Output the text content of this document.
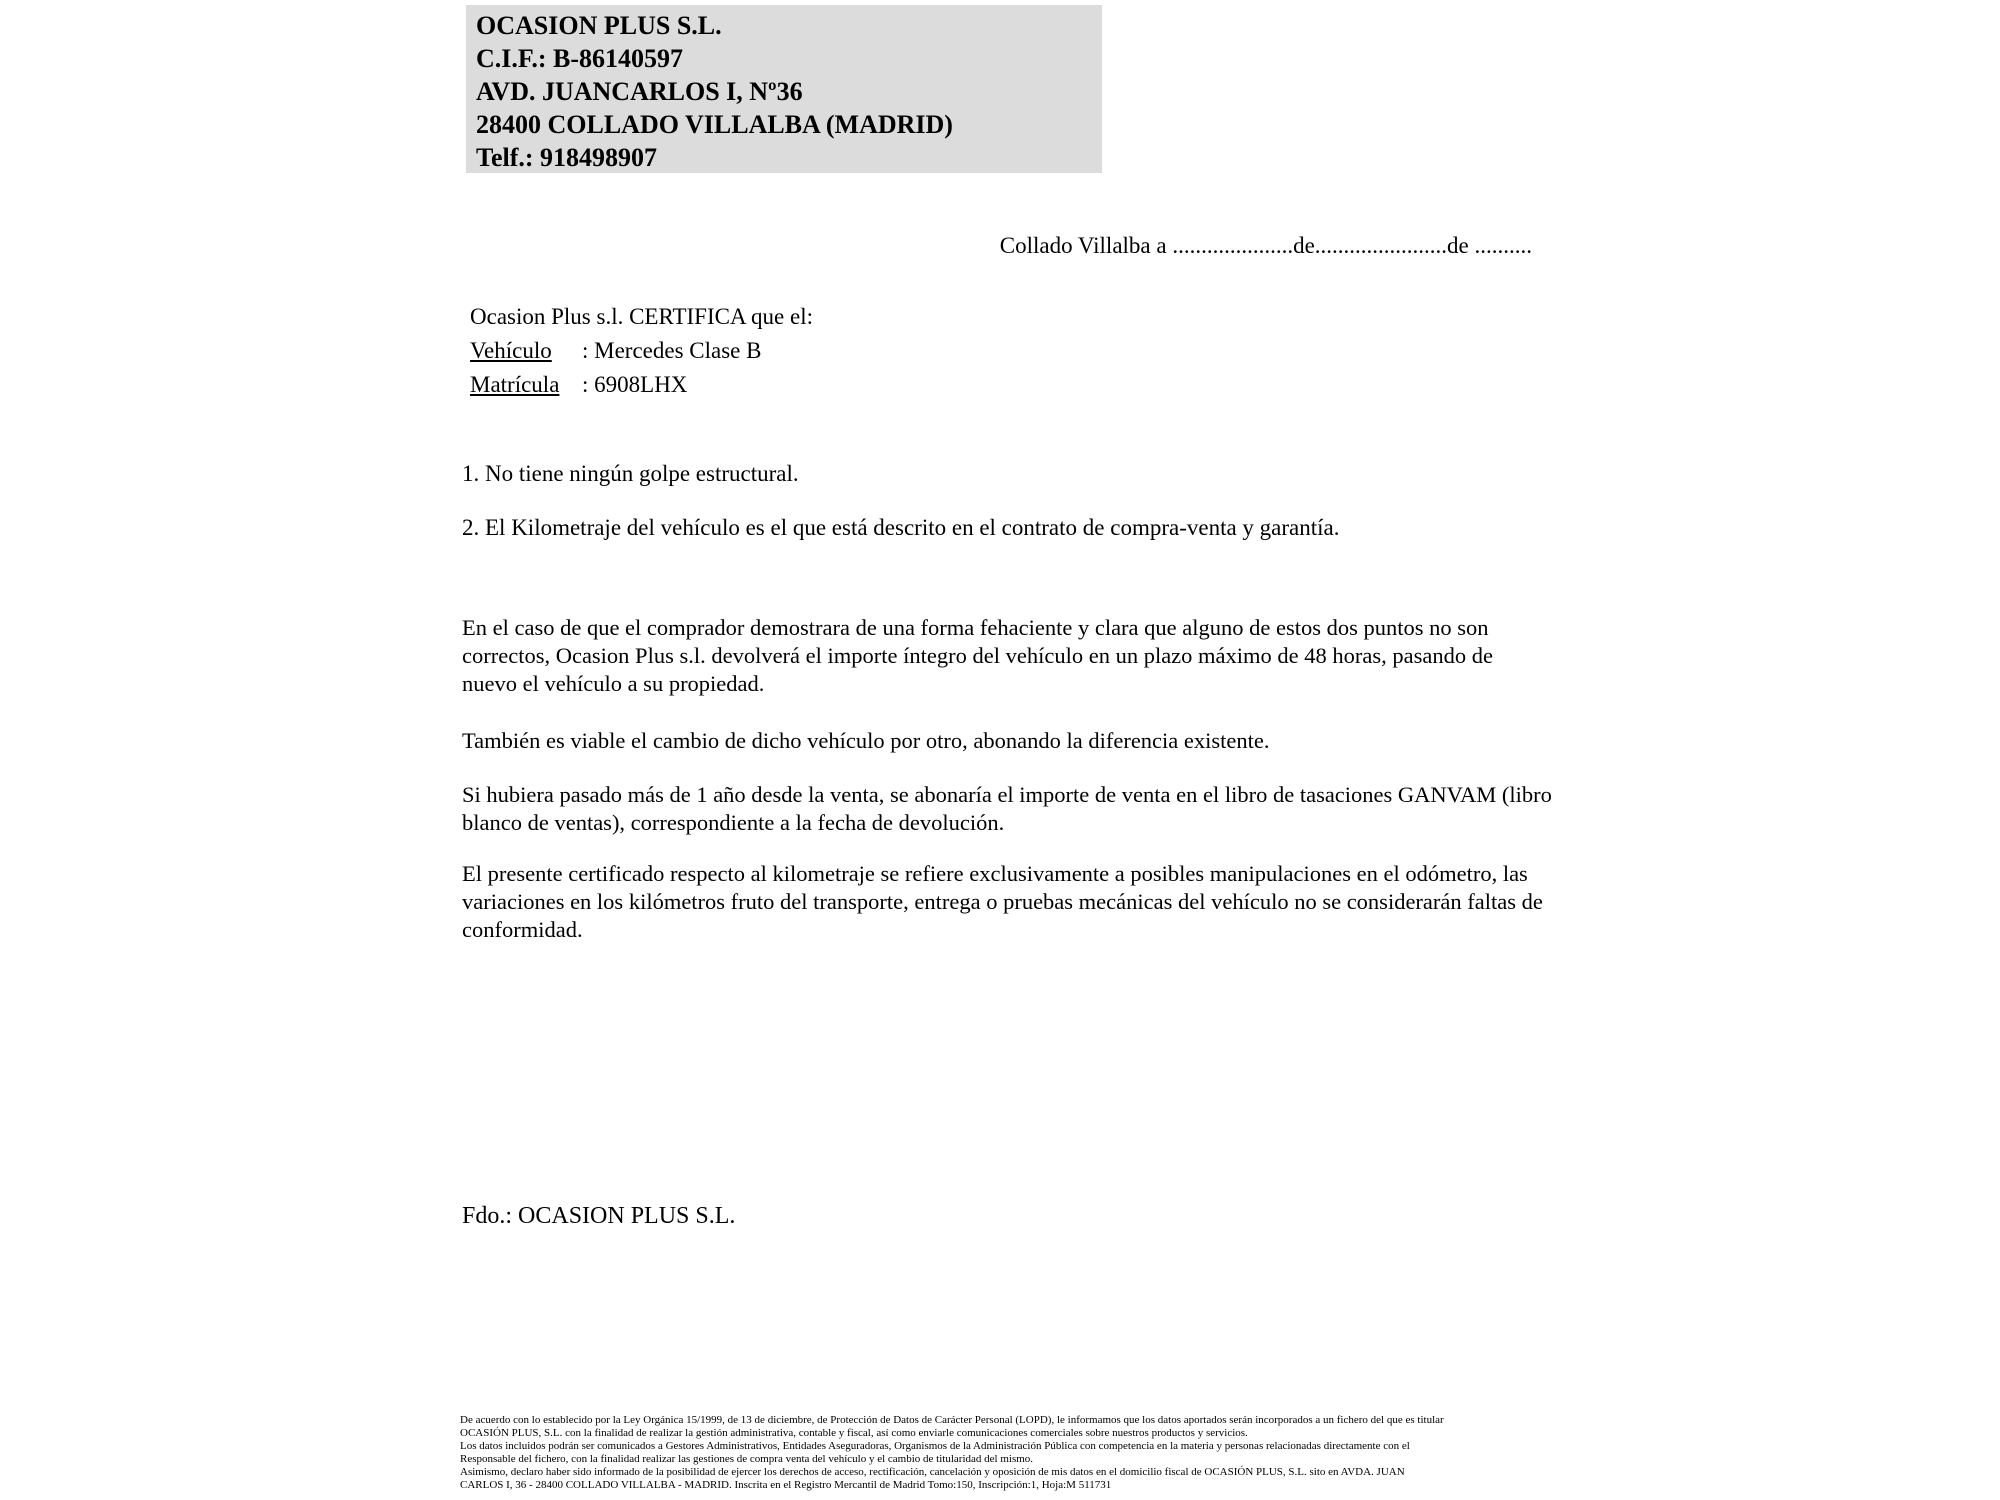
OCASION PLUS S.L.
C.I.F.: B-86140597
AVD. JUANCARLOS I, Nº36
28400 COLLADO VILLALBA (MADRID)
Telf.: 918498907
Collado Villalba a .....................de.......................de ..........
Ocasion Plus s.l. CERTIFICA que el:
Vehículo : Mercedes Clase B
Matrícula : 6908LHX
1. No tiene ningún golpe estructural.
2. El Kilometraje del vehículo es el que está descrito en el contrato de compra-venta y garantía.
En el caso de que el comprador demostrara de una forma fehaciente y clara que alguno de estos dos puntos no son correctos, Ocasion Plus s.l. devolverá el importe íntegro del vehículo en un plazo máximo de 48 horas, pasando de nuevo el vehículo a su propiedad.
También es viable el cambio de dicho vehículo por otro, abonando la diferencia existente.
Si hubiera pasado más de 1 año desde la venta, se abonaría el importe de venta en el libro de tasaciones GANVAM (libro blanco de ventas), correspondiente a la fecha de devolución.
El presente certificado respecto al kilometraje se refiere exclusivamente a posibles manipulaciones en el odómetro, las variaciones en los kilómetros fruto del transporte, entrega o pruebas mecánicas del vehículo no se considerarán faltas de conformidad.
Fdo.: OCASION PLUS S.L.
De acuerdo con lo establecido por la Ley Orgánica 15/1999, de 13 de diciembre, de Protección de Datos de Carácter Personal (LOPD), le informamos que los datos aportados serán incorporados a un fichero del que es titular
OCASIÓN PLUS, S.L. con la finalidad de realizar la gestión administrativa, contable y fiscal, así como enviarle comunicaciones comerciales sobre nuestros productos y servicios.
Los datos incluidos podrán ser comunicados a Gestores Administrativos, Entidades Aseguradoras, Organismos de la Administración Pública con competencia en la materia y personas relacionadas directamente con el
Responsable del fichero, con la finalidad realizar las gestiones de compra venta del vehículo y el cambio de titularidad del mismo.
Asimismo, declaro haber sido informado de la posibilidad de ejercer los derechos de acceso, rectificación, cancelación y oposición de mis datos en el domicilio fiscal de OCASIÓN PLUS, S.L. sito en AVDA. JUAN
CARLOS I, 36 - 28400 COLLADO VILLALBA - MADRID. Inscrita en el Registro Mercantil de Madrid Tomo:150, Inscripción:1, Hoja:M 511731
